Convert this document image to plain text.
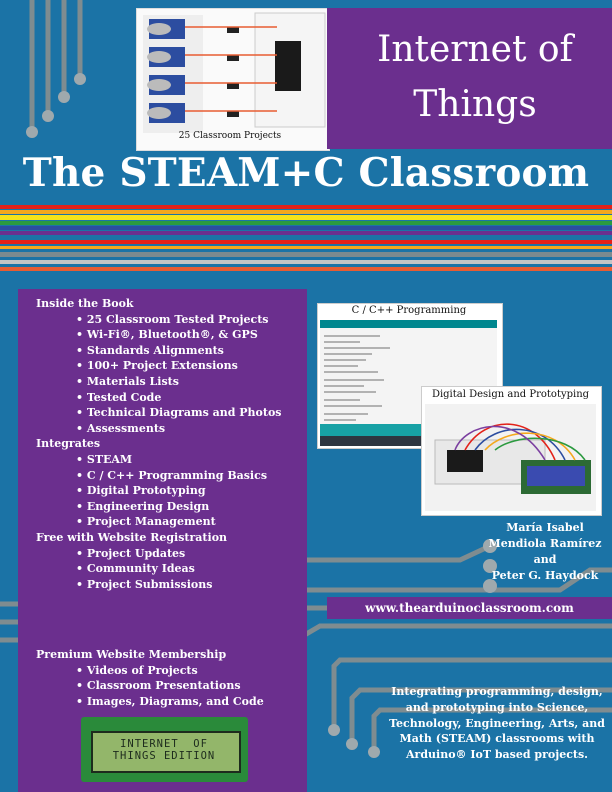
25 Classroom Projects
Internet of
Things
The STEAM+C Classroom
Inside the Book
• 25 Classroom Tested Projects
• Wi-Fi®, Bluetooth®, & GPS
• Standards Alignments
• 100+ Project Extensions
• Materials Lists
• Tested Code
• Technical Diagrams and Photos
• Assessments
Integrates
• STEAM
• C / C++ Programming Basics
• Digital Prototyping
• Engineering Design
• Project Management
Free with Website Registration
• Project Updates
• Community Ideas
• Project Submissions
Premium Website Membership
• Videos of Projects
• Classroom Presentations
• Images, Diagrams, and Code
INTERNET  OF
THINGS EDITION
C / C++ Programming
Digital Design and Prototyping
María Isabel
Mendiola Ramírez
and
Peter G. Haydock
www.thearduinoclassroom.com
Integrating programming, design,
and prototyping into Science,
Technology, Engineering, Arts, and
Math (STEAM) classrooms with
Arduino® IoT based projects.
